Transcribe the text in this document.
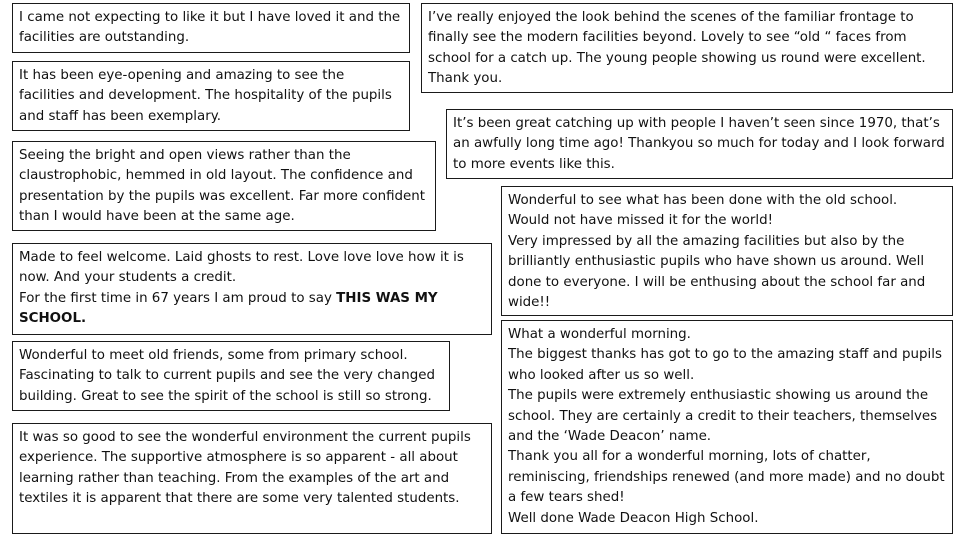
I came not expecting to like it but I have loved it and the facilities are outstanding.

It has been eye-opening and amazing to see the facilities and development. The hospitality of the pupils and staff has been exemplary.

Seeing the bright and open views rather than the claustrophobic, hemmed in old layout. The confidence and presentation by the pupils was excellent. Far more confident than I would have been at the same age.

Made to feel welcome. Laid ghosts to rest. Love love love how it is now. And your students a credit.

For the first time in 67 years I am proud to say THIS WAS MY SCHOOL.

Wonderful to meet old friends, some from primary school. Fascinating to talk to current pupils and see the very changed building. Great to see the spirit of the school is still so strong.

It was so good to see the wonderful environment the current pupils experience. The supportive atmosphere is so apparent - all about learning rather than teaching. From the examples of the art and textiles it is apparent that there are some very talented students.

I’ve really enjoyed the look behind the scenes of the familiar frontage to finally see the modern facilities beyond. Lovely to see “old “ faces from school for a catch up. The young people showing us round were excellent. Thank you.

It’s been great catching up with people I haven’t seen since 1970, that’s an awfully long time ago! Thankyou so much for today and I look forward to more events like this.

Wonderful to see what has been done with the old school.

Would not have missed it for the world!

Very impressed by all the amazing facilities but also by the brilliantly enthusiastic pupils who have shown us around. Well done to everyone. I will be enthusing about the school far and wide!!

What a wonderful morning.

The biggest thanks has got to go to the amazing staff and pupils who looked after us so well.

The pupils were extremely enthusiastic showing us around the school. They are certainly a credit to their teachers, themselves and the ‘Wade Deacon’ name.

Thank you all for a wonderful morning, lots of chatter, reminiscing, friendships renewed (and more made) and no doubt a few tears shed!

Well done Wade Deacon High School.
